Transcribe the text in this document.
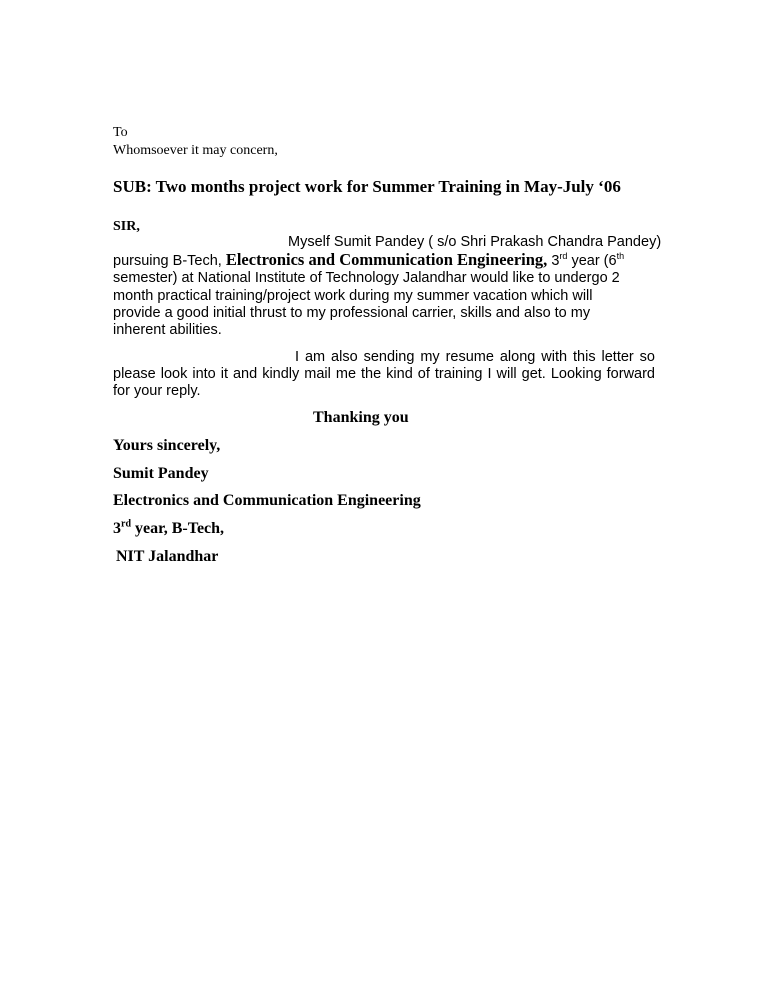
To
Whomsoever it may concern,
SUB: Two months project work for Summer Training in May-July ‘06
SIR,
Myself Sumit Pandey ( s/o Shri Prakash Chandra Pandey)
pursuing B-Tech, Electronics and Communication Engineering, 3rd year (6th semester) at National Institute of Technology Jalandhar would like to undergo 2 month practical training/project work during my summer vacation which will provide a good initial thrust to my professional carrier, skills and also to my inherent abilities.
I am also sending my resume along with this letter so please look into it and kindly mail me the kind of training I will get. Looking forward for your reply.
Thanking you
Yours sincerely,
Sumit Pandey
Electronics and Communication Engineering
3rd year, B-Tech,
NIT Jalandhar
